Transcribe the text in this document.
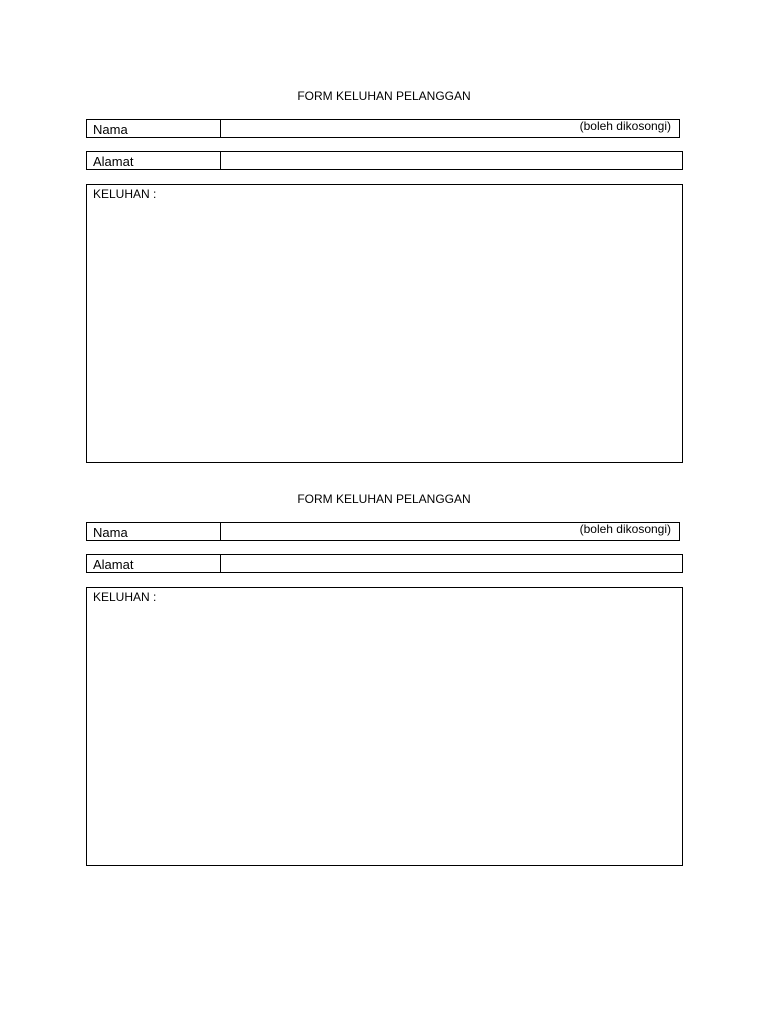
FORM KELUHAN PELANGGAN
Nama	(boleh dikosongi)
Alamat
KELUHAN :
FORM KELUHAN PELANGGAN
Nama	(boleh dikosongi)
Alamat
KELUHAN :
